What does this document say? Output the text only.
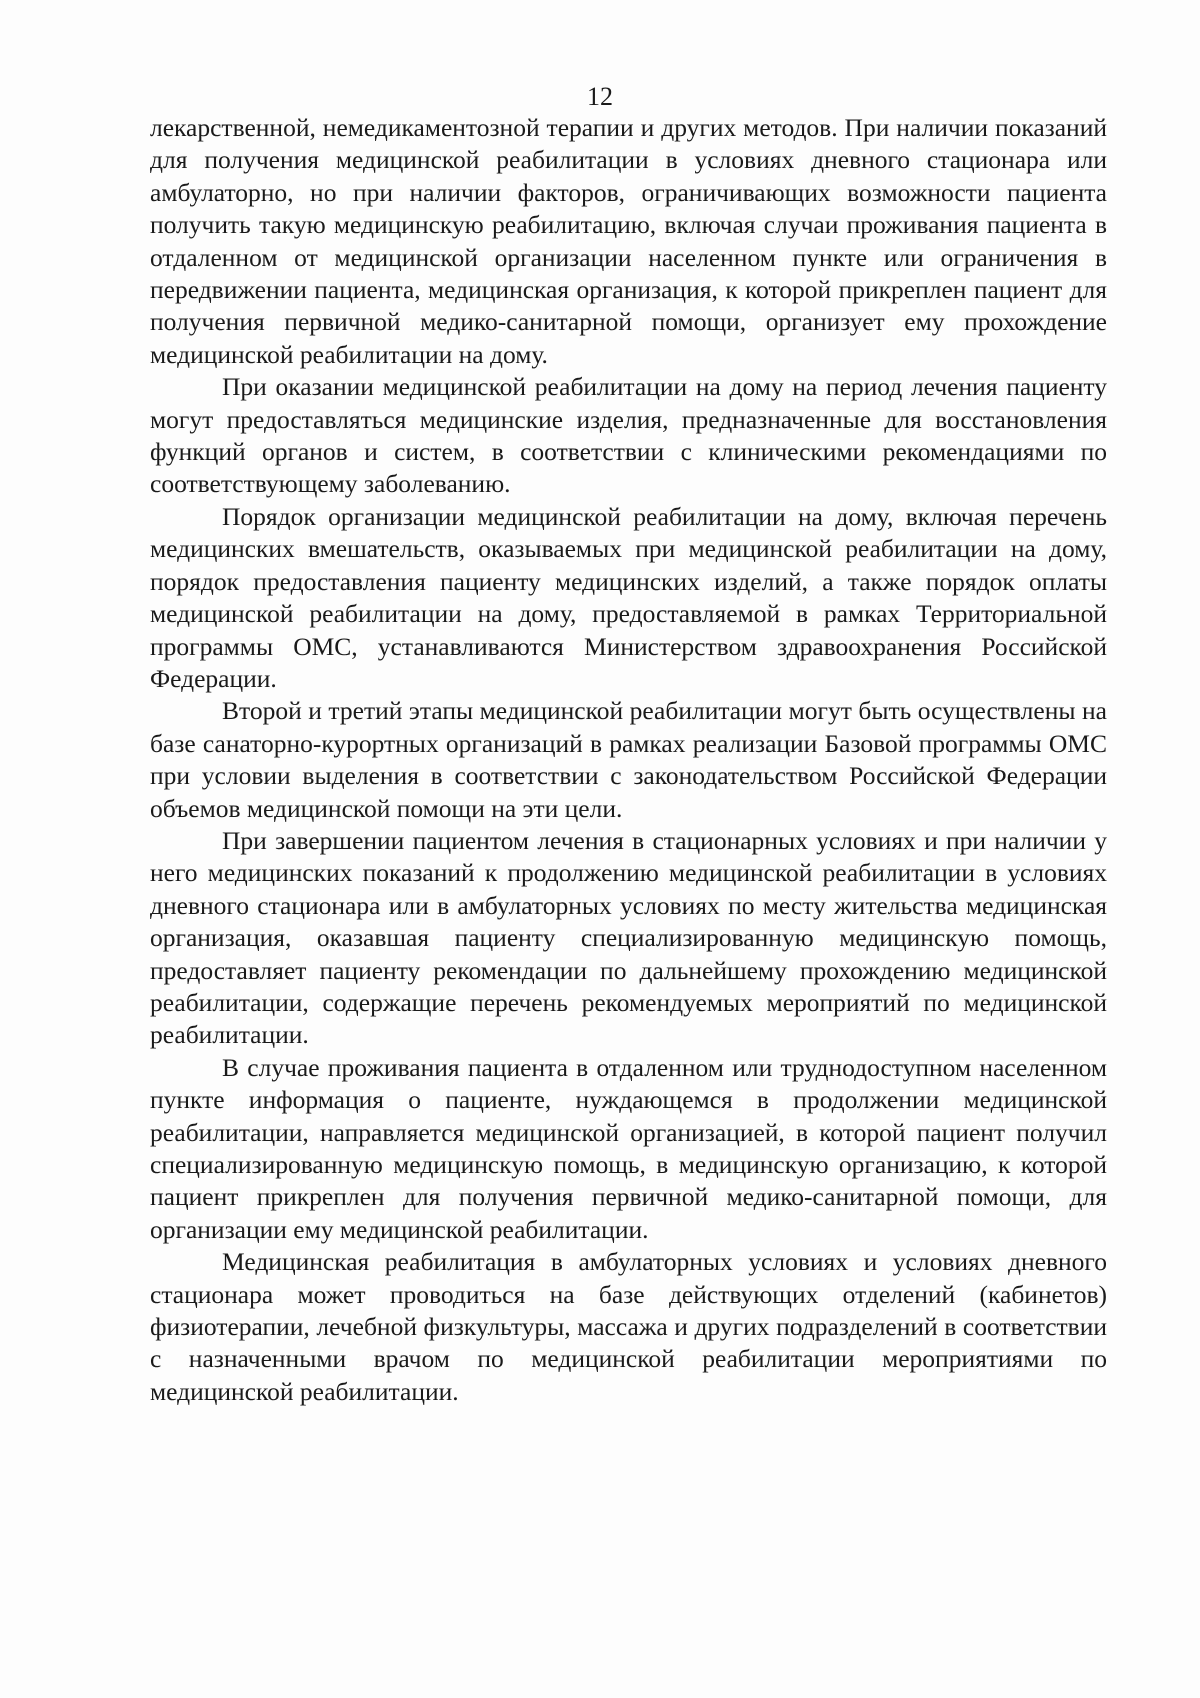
12

лекарственной, немедикаментозной терапии и других методов. При наличии показаний для получения медицинской реабилитации в условиях дневного стационара или амбулаторно, но при наличии факторов, ограничивающих возможности пациента получить такую медицинскую реабилитацию, включая случаи проживания пациента в отдаленном от медицинской организации населенном пункте или ограничения в передвижении пациента, медицинская организация, к которой прикреплен пациент для получения первичной медико-санитарной помощи, организует ему прохождение медицинской реабилитации на дому.

При оказании медицинской реабилитации на дому на период лечения пациенту могут предоставляться медицинские изделия, предназначенные для восстановления функций органов и систем, в соответствии с клиническими рекомендациями по соответствующему заболеванию.

Порядок организации медицинской реабилитации на дому, включая перечень медицинских вмешательств, оказываемых при медицинской реабилитации на дому, порядок предоставления пациенту медицинских изделий, а также порядок оплаты медицинской реабилитации на дому, предоставляемой в рамках Территориальной программы ОМС, устанавливаются Министерством здравоохранения Российской Федерации.

Второй и третий этапы медицинской реабилитации могут быть осуществлены на базе санаторно-курортных организаций в рамках реализации Базовой программы ОМС при условии выделения в соответствии с законодательством Российской Федерации объемов медицинской помощи на эти цели.

При завершении пациентом лечения в стационарных условиях и при наличии у него медицинских показаний к продолжению медицинской реабилитации в условиях дневного стационара или в амбулаторных условиях по месту жительства медицинская организация, оказавшая пациенту специализированную медицинскую помощь, предоставляет пациенту рекомендации по дальнейшему прохождению медицинской реабилитации, содержащие перечень рекомендуемых мероприятий по медицинской реабилитации.

В случае проживания пациента в отдаленном или труднодоступном населенном пункте информация о пациенте, нуждающемся в продолжении медицинской реабилитации, направляется медицинской организацией, в которой пациент получил специализированную медицинскую помощь, в медицинскую организацию, к которой пациент прикреплен для получения первичной медико-санитарной помощи, для организации ему медицинской реабилитации.

Медицинская реабилитация в амбулаторных условиях и условиях дневного стационара может проводиться на базе действующих отделений (кабинетов) физиотерапии, лечебной физкультуры, массажа и других подразделений в соответствии с назначенными врачом по медицинской реабилитации мероприятиями по медицинской реабилитации.
